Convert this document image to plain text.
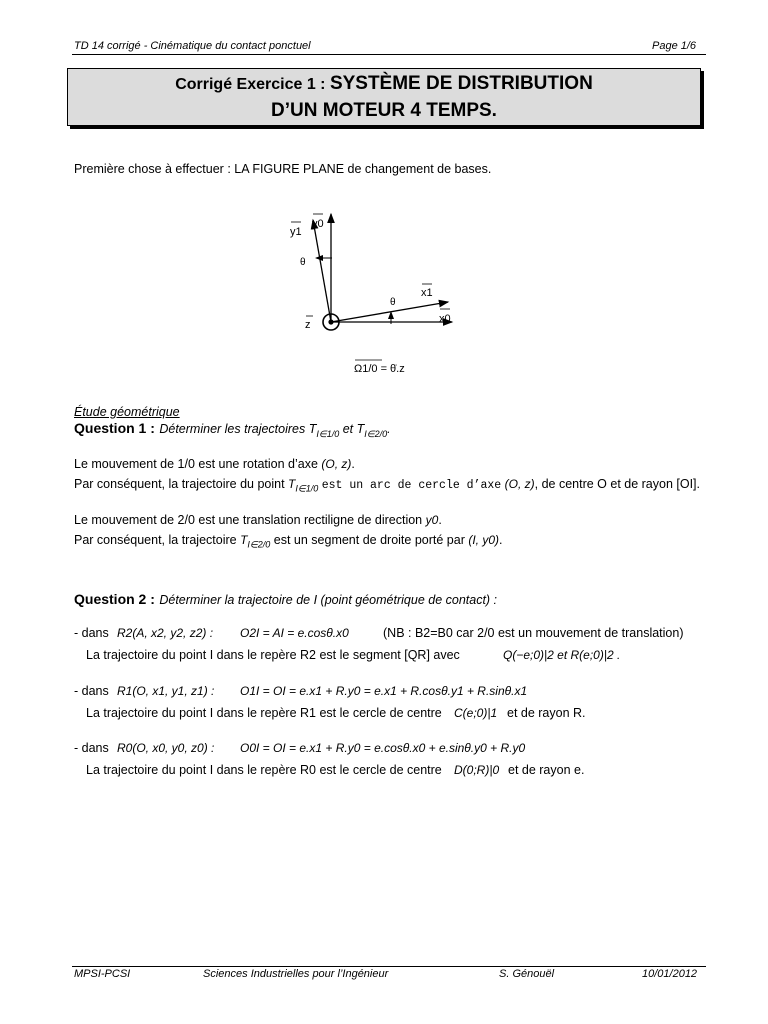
TD 14 corrigé - Cinématique du contact ponctuel	Page 1/6
Corrigé Exercice 1 : SYSTÈME DE DISTRIBUTION
D’UN MOTEUR 4 TEMPS.
Première chose à effectuer : LA FIGURE PLANE de changement de bases.
y1
y0
θ
θ
x1
x0
z
Ω1/0 = θ̇.z
Étude géométrique
Question 1 : Déterminer les trajectoires $T_{I\in 1/0}$ et $T_{I\in 2/0}$.
Le mouvement de 1/0 est une rotation d’axe (O, z).
Par conséquent, la trajectoire du point $T_{I\in 1/0}$ est un arc de cercle d’axe (O, z), de centre O et de rayon [OI].
Le mouvement de 2/0 est une translation rectiligne de direction y0.
Par conséquent, la trajectoire $T_{I\in 2/0}$ est un segment de droite porté par (I, y0).
Question 2 : Déterminer la trajectoire de I (point géométrique de contact) :
- dans R2(A, x2, y2, z2) : O2I = AI = e.cosθ.x0	(NB : B2=B0 car 2/0 est un mouvement de translation)
La trajectoire du point I dans le repère R2 est le segment [QR] avec	Q(−e;0)|2 et R(e;0)|2 .
- dans R1(O, x1, y1, z1) : O1I = OI = e.x1 + R.y0 = e.x1 + R.cosθ.y1 + R.sinθ.x1
La trajectoire du point I dans le repère R1 est le cercle de centre C(e;0)|1 et de rayon R.
- dans R0(O, x0, y0, z0) : O0I = OI = e.x1 + R.y0 = e.cosθ.x0 + e.sinθ.y0 + R.y0
La trajectoire du point I dans le repère R0 est le cercle de centre D(0;R)|0 et de rayon e.
MPSI-PCSI	Sciences Industrielles pour l’Ingénieur	S. Génouël	10/01/2012
